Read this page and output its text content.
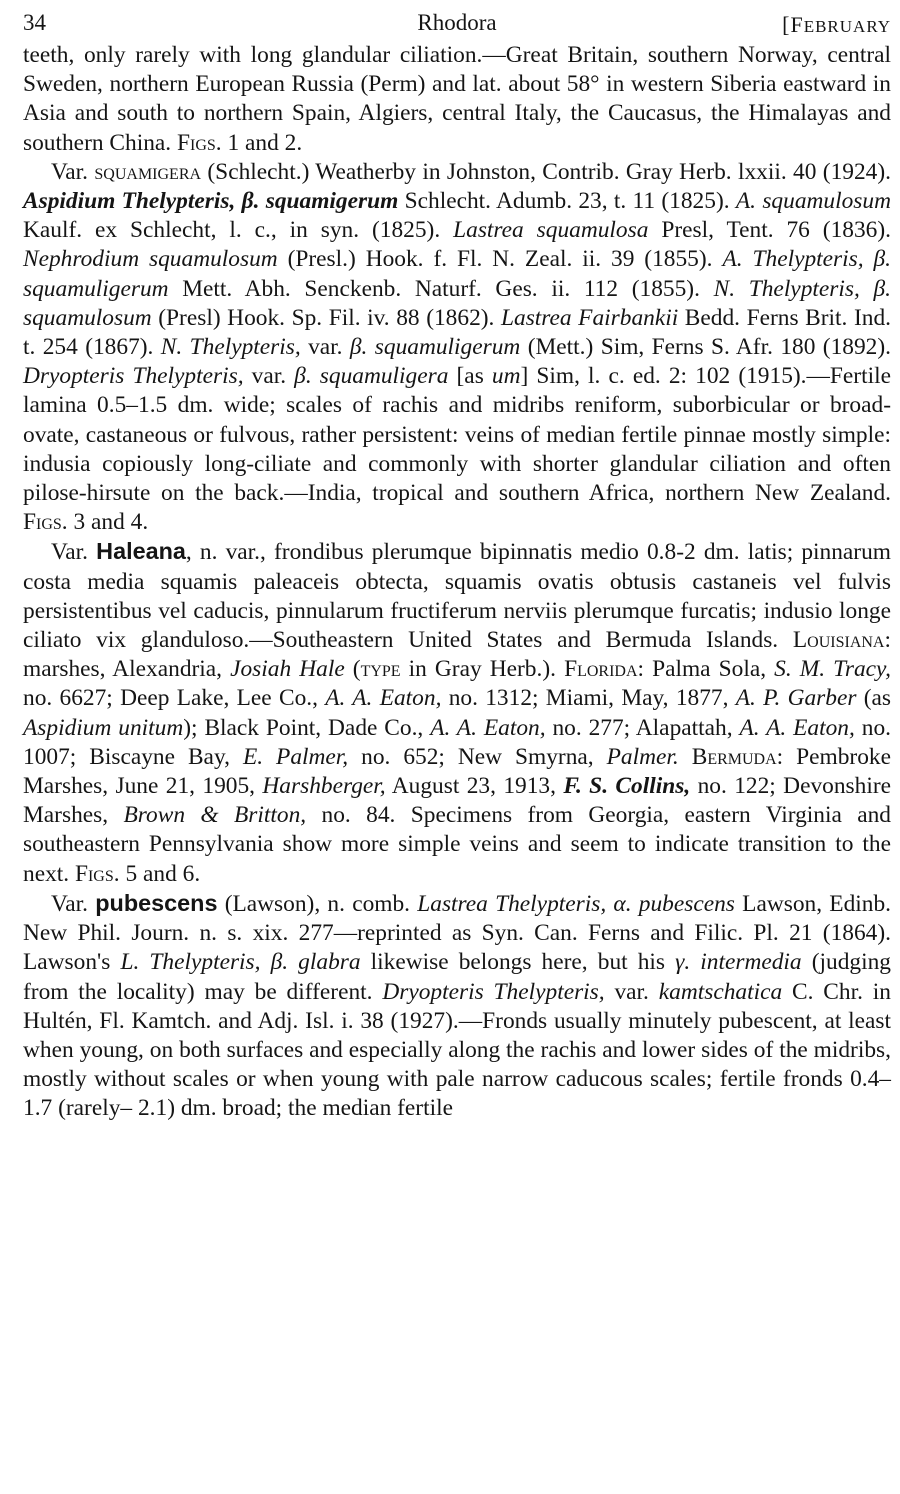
34	Rhodora	[FEBRUARY

teeth, only rarely with long glandular ciliation.—Great Britain, southern Norway, central Sweden, northern European Russia (Perm) and lat. about 58° in western Siberia eastward in Asia and south to northern Spain, Algiers, central Italy, the Caucasus, the Himalayas and southern China. Figs. 1 and 2.

Var. squamigera (Schlecht.) Weatherby in Johnston, Contrib. Gray Herb. lxxii. 40 (1924). Aspidium Thelypteris, β. squamigerum Schlecht. Adumb. 23, t. 11 (1825). A. squamulosum Kaulf. ex Schlecht, l. c., in syn. (1825). Lastrea squamulosa Presl, Tent. 76 (1836). Nephrodium squamulosum (Presl.) Hook. f. Fl. N. Zeal. ii. 39 (1855). A. Thelypteris, β. squamuligerum Mett. Abh. Senckenb. Naturf. Ges. ii. 112 (1855). N. Thelypteris, β. squamulosum (Presl) Hook. Sp. Fil. iv. 88 (1862). Lastrea Fairbankii Bedd. Ferns Brit. Ind. t. 254 (1867). N. Thelypteris, var. β. squamuligerum (Mett.) Sim, Ferns S. Afr. 180 (1892). Dryopteris Thelypteris, var. β. squamuligera [as um] Sim, l. c. ed. 2: 102 (1915).—Fertile lamina 0.5–1.5 dm. wide; scales of rachis and midribs reniform, suborbicular or broad-ovate, castaneous or fulvous, rather persistent: veins of median fertile pinnae mostly simple: indusia copiously long-ciliate and commonly with shorter glandular ciliation and often pilose-hirsute on the back.—India, tropical and southern Africa, northern New Zealand. Figs. 3 and 4.

Var. Haleana, n. var., frondibus plerumque bipinnatis medio 0.8-2 dm. latis; pinnarum costa media squamis paleaceis obtecta, squamis ovatis obtusis castaneis vel fulvis persistentibus vel caducis, pinnularum fructiferum nerviis plerumque furcatis; indusio longe ciliato vix glanduloso.—Southeastern United States and Bermuda Islands. Louisiana: marshes, Alexandria, Josiah Hale (type in Gray Herb.). Florida: Palma Sola, S. M. Tracy, no. 6627; Deep Lake, Lee Co., A. A. Eaton, no. 1312; Miami, May, 1877, A. P. Garber (as Aspidium unitum); Black Point, Dade Co., A. A. Eaton, no. 277; Alapattah, A. A. Eaton, no. 1007; Biscayne Bay, E. Palmer, no. 652; New Smyrna, Palmer. Bermuda: Pembroke Marshes, June 21, 1905, Harshberger, August 23, 1913, F. S. Collins, no. 122; Devonshire Marshes, Brown & Britton, no. 84. Specimens from Georgia, eastern Virginia and southeastern Pennsylvania show more simple veins and seem to indicate transition to the next. Figs. 5 and 6.

Var. pubescens (Lawson), n. comb. Lastrea Thelypteris, α. pubescens Lawson, Edinb. New Phil. Journ. n. s. xix. 277—reprinted as Syn. Can. Ferns and Filic. Pl. 21 (1864). Lawson's L. Thelypteris, β. glabra likewise belongs here, but his γ. intermedia (judging from the locality) may be different. Dryopteris Thelypteris, var. kamtschatica C. Chr. in Hultén, Fl. Kamtch. and Adj. Isl. i. 38 (1927).—Fronds usually minutely pubescent, at least when young, on both surfaces and especially along the rachis and lower sides of the midribs, mostly without scales or when young with pale narrow caducous scales; fertile fronds 0.4–1.7 (rarely– 2.1) dm. broad; the median fertile
